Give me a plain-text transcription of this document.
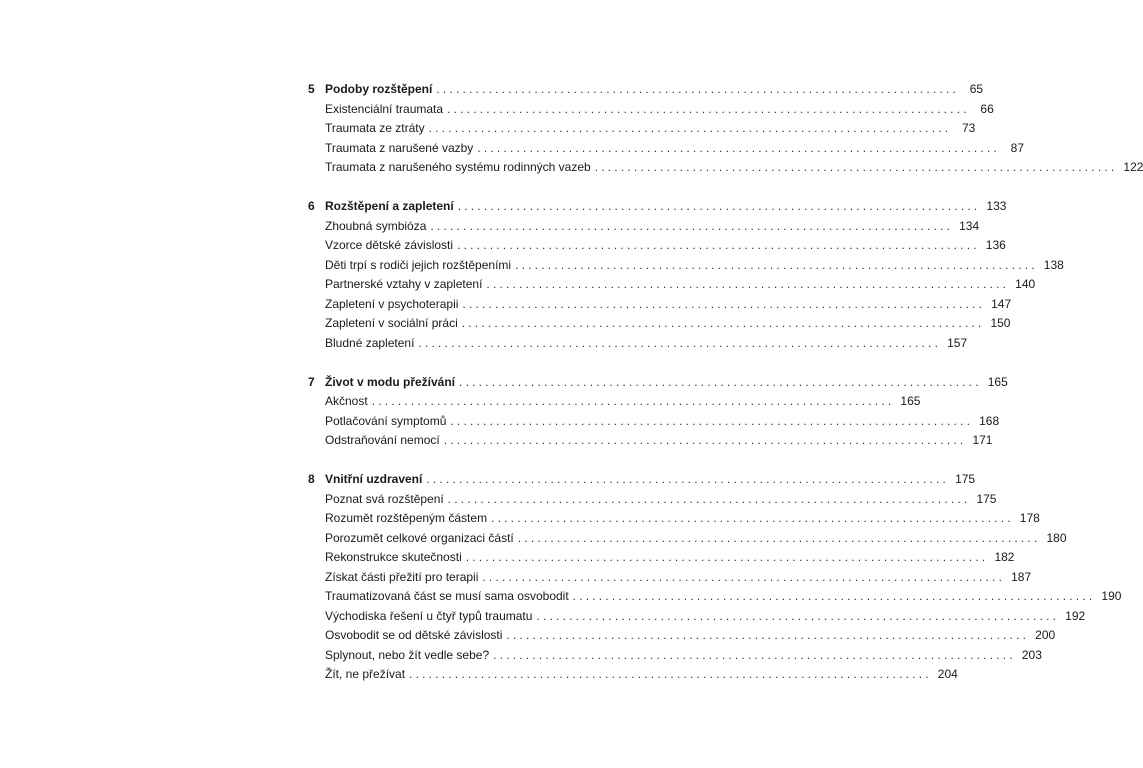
5 Podoby rozštěpení ................................................................................ 65
Existenciální traumata ................................................................................ 66
Traumata ze ztráty ................................................................................ 73
Traumata z narušené vazby ................................................................................ 87
Traumata z narušeného systému rodinných vazeb ................................................................................ 122
6 Rozštěpení a zapletení ................................................................................ 133
Zhoubná symbióza ................................................................................ 134
Vzorce dětské závislosti ................................................................................ 136
Děti trpí s rodiči jejich rozštěpeními ................................................................................ 138
Partnerské vztahy v zapletení ................................................................................ 140
Zapletení v psychoterapii ................................................................................ 147
Zapletení v sociální práci ................................................................................ 150
Bludné zapletení ................................................................................ 157
7 Život v modu přežívání ................................................................................ 165
Akčnost ................................................................................ 165
Potlačování symptomů ................................................................................ 168
Odstraňování nemocí ................................................................................ 171
8 Vnitřní uzdravení ................................................................................ 175
Poznat svá rozštěpení ................................................................................ 175
Rozumět rozštěpeným částem ................................................................................ 178
Porozumět celkové organizaci částí ................................................................................ 180
Rekonstrukce skutečnosti ................................................................................ 182
Získat části přežití pro terapii ................................................................................ 187
Traumatizovaná část se musí sama osvobodit ................................................................................ 190
Východiska řešení u čtyř typů traumatu ................................................................................ 192
Osvobodit se od dětské závislosti ................................................................................ 200
Splynout, nebo žít vedle sebe? ................................................................................ 203
Žít, ne přežívat ................................................................................ 204
